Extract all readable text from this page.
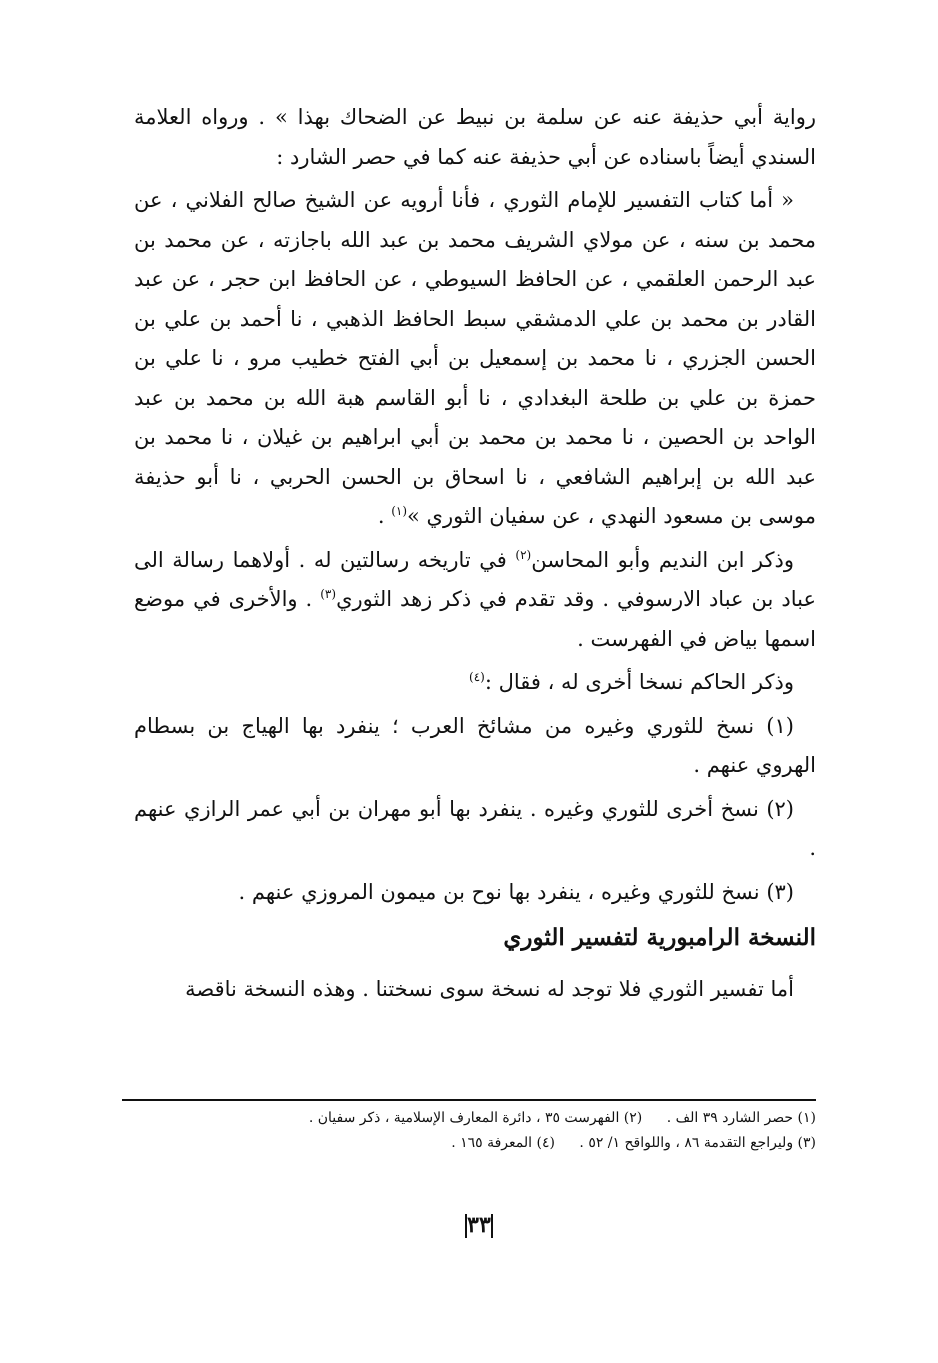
رواية أبي حذيفة عنه عن سلمة بن نبيط عن الضحاك بهذا » . ورواه العلامة السندي أيضاً باسناده عن أبي حذيفة عنه كما في حصر الشارد :

« أما كتاب التفسير للإمام الثوري ، فأنا أرويه عن الشيخ صالح الفلاني ، عن محمد بن سنه ، عن مولاي الشريف محمد بن عبد الله باجازته ، عن محمد بن عبد الرحمن العلقمي ، عن الحافظ السيوطي ، عن الحافظ ابن حجر ، عن عبد القادر بن محمد بن علي الدمشقي سبط الحافظ الذهبي ، نا أحمد بن علي بن الحسن الجزري ، نا محمد بن إسمعيل بن أبي الفتح خطيب مرو ، نا علي بن حمزة بن علي بن طلحة البغدادي ، نا أبو القاسم هبة الله بن محمد بن عبد الواحد بن الحصين ، نا محمد بن محمد بن أبي ابراهيم بن غيلان ، نا محمد بن عبد الله بن إبراهيم الشافعي ، نا اسحاق بن الحسن الحربي ، نا أبو حذيفة موسى بن مسعود النهدي ، عن سفيان الثوري »$^{(١)}$ .

وذكر ابن النديم وأبو المحاسن$^{(٢)}$ في تاريخه رسالتين له . أولاهما رسالة الى عباد بن عباد الارسوفي . وقد تقدم في ذكر زهد الثوري$^{(٣)}$ . والأخرى في موضع اسمها بياض في الفهرست .

وذكر الحاكم نسخا أخرى له ، فقال :$^{(٤)}$

(١) نسخ للثوري وغيره من مشائخ العرب ؛ ينفرد بها الهياج بن بسطام الهروي عنهم .

(٢) نسخ أخرى للثوري وغيره . ينفرد بها أبو مهران بن أبي عمر الرازي عنهم .

(٣) نسخ للثوري وغيره ، ينفرد بها نوح بن ميمون المروزي عنهم .

النسخة الرامبورية لتفسير الثوري

أما تفسير الثوري فلا توجد له نسخة سوى نسختنا . وهذه النسخة ناقصة

(١) حصر الشارد ٣٩ الف . (٢) الفهرست ٣٥ ، دائرة المعارف الإسلامية ، ذكر سفيان .
(٣) وليراجع التقدمة ٨٦ ، واللواقح ١/ ٥٢ . (٤) المعرفة ١٦٥ .
٣٣
